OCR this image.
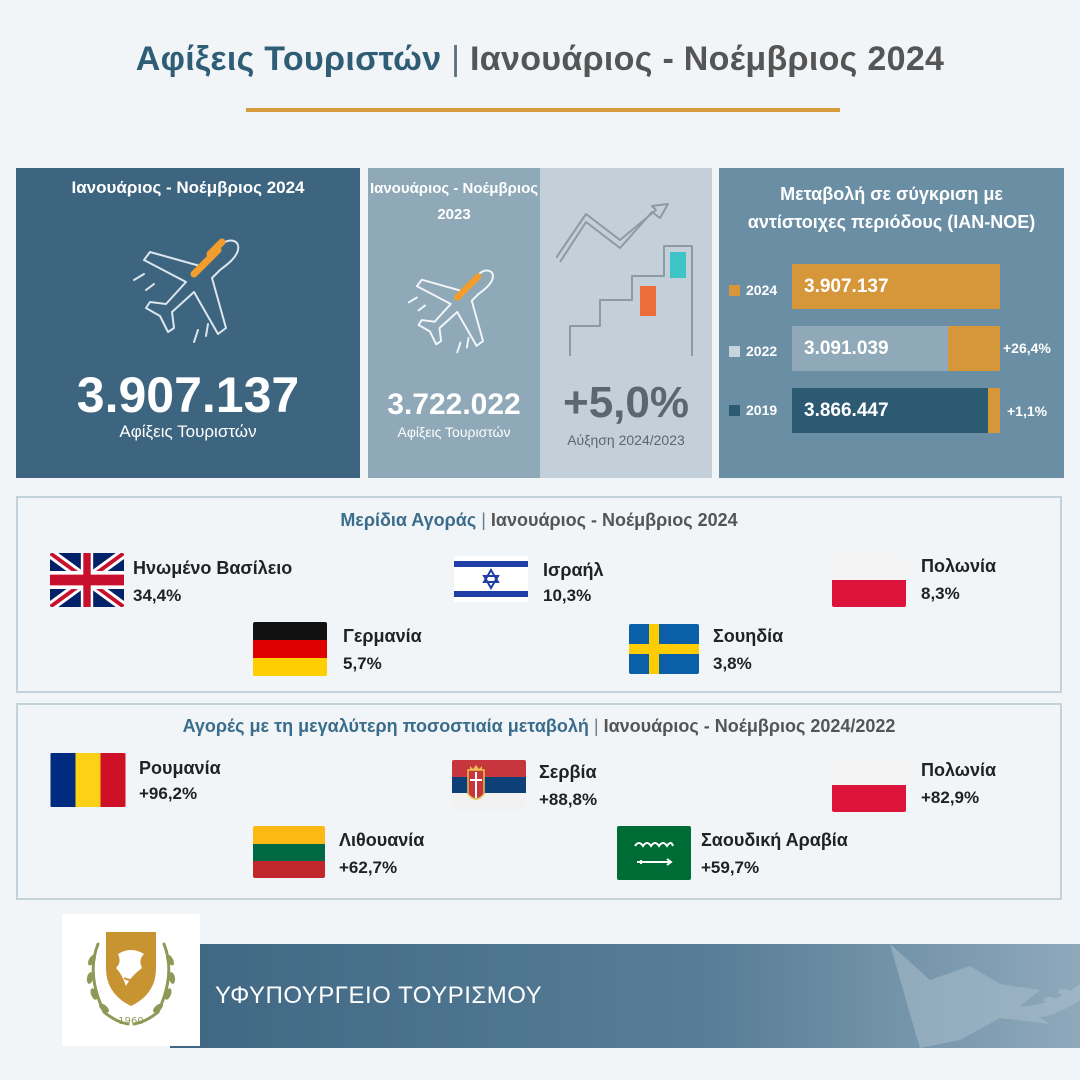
Αφίξεις Τουριστών | Ιανουάριος - Νοέμβριος 2024
Ιανουάριος - Νοέμβριος 2024
3.907.137
Αφίξεις Τουριστών
Ιανουάριος - Νοέμβριος 2023
3.722.022
Αφίξεις Τουριστών
+5,0%
Αύξηση 2024/2023
Μεταβολή σε σύγκριση με
αντίστοιχες περιόδους (ΙΑΝ-ΝΟΕ)
2024	3.907.137
2022	3.091.039	+26,4%
2019	3.866.447	+1,1%
Μερίδια Αγοράς | Ιανουάριος - Νοέμβριος 2024
Ηνωμένο Βασίλειο
34,4%
Ισραήλ
10,3%
Πολωνία
8,3%
Γερμανία
5,7%
Σουηδία
3,8%
Αγορές με τη μεγαλύτερη ποσοστιαία μεταβολή | Ιανουάριος - Νοέμβριος 2024/2022
Ρουμανία
+96,2%
Σερβία
+88,8%
Πολωνία
+82,9%
Λιθουανία
+62,7%
Σαουδική Αραβία
+59,7%
ΥΦΥΠΟΥΡΓΕΙΟ ΤΟΥΡΙΣΜΟΥ
1960
